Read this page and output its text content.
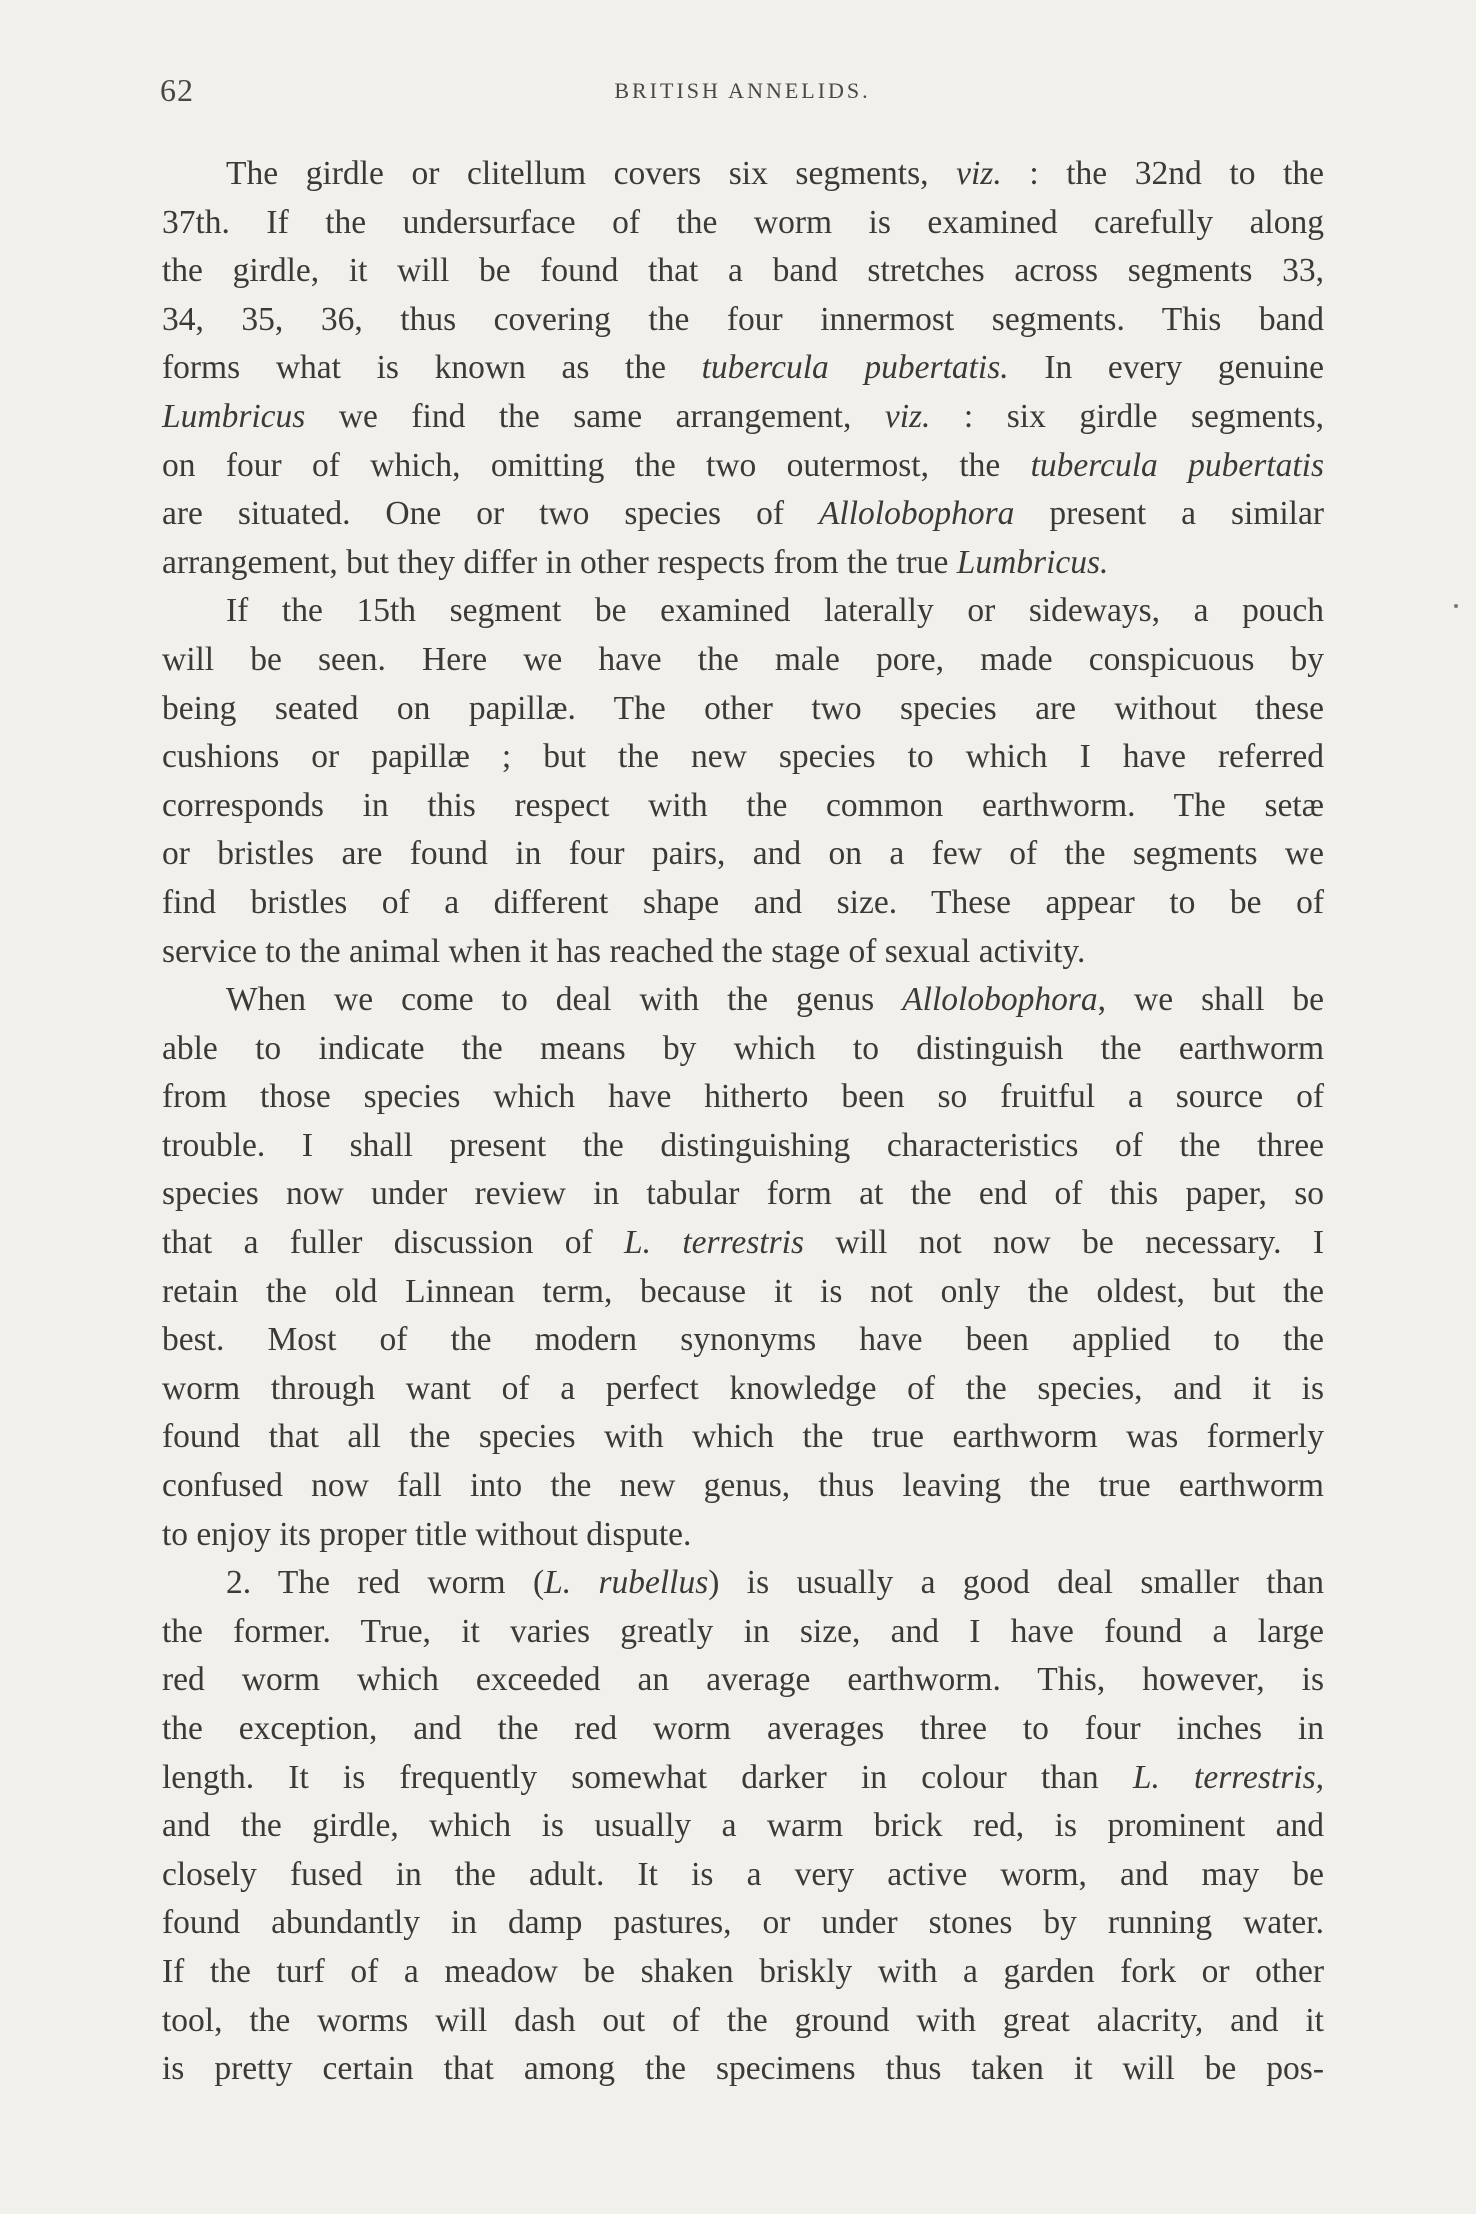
62	BRITISH ANNELIDS.
The girdle or clitellum covers six segments, viz. : the 32nd to the
37th. If the undersurface of the worm is examined carefully along
the girdle, it will be found that a band stretches across segments 33,
34, 35, 36, thus covering the four innermost segments. This band
forms what is known as the tubercula pubertatis. In every genuine
Lumbricus we find the same arrangement, viz. : six girdle segments,
on four of which, omitting the two outermost, the tubercula pubertatis
are situated. One or two species of Allolobophora present a similar
arrangement, but they differ in other respects from the true Lumbricus.
If the 15th segment be examined laterally or sideways, a pouch
will be seen. Here we have the male pore, made conspicuous by
being seated on papillæ. The other two species are without these
cushions or papillæ ; but the new species to which I have referred
corresponds in this respect with the common earthworm. The setæ
or bristles are found in four pairs, and on a few of the segments we
find bristles of a different shape and size. These appear to be of
service to the animal when it has reached the stage of sexual activity.
When we come to deal with the genus Allolobophora, we shall be
able to indicate the means by which to distinguish the earthworm
from those species which have hitherto been so fruitful a source of
trouble. I shall present the distinguishing characteristics of the three
species now under review in tabular form at the end of this paper, so
that a fuller discussion of L. terrestris will not now be necessary. I
retain the old Linnean term, because it is not only the oldest, but the
best. Most of the modern synonyms have been applied to the
worm through want of a perfect knowledge of the species, and it is
found that all the species with which the true earthworm was formerly
confused now fall into the new genus, thus leaving the true earthworm
to enjoy its proper title without dispute.
2. The red worm (L. rubellus) is usually a good deal smaller than
the former. True, it varies greatly in size, and I have found a large
red worm which exceeded an average earthworm. This, however, is
the exception, and the red worm averages three to four inches in
length. It is frequently somewhat darker in colour than L. terrestris,
and the girdle, which is usually a warm brick red, is prominent and
closely fused in the adult. It is a very active worm, and may be
found abundantly in damp pastures, or under stones by running water.
If the turf of a meadow be shaken briskly with a garden fork or other
tool, the worms will dash out of the ground with great alacrity, and it
is pretty certain that among the specimens thus taken it will be pos-
